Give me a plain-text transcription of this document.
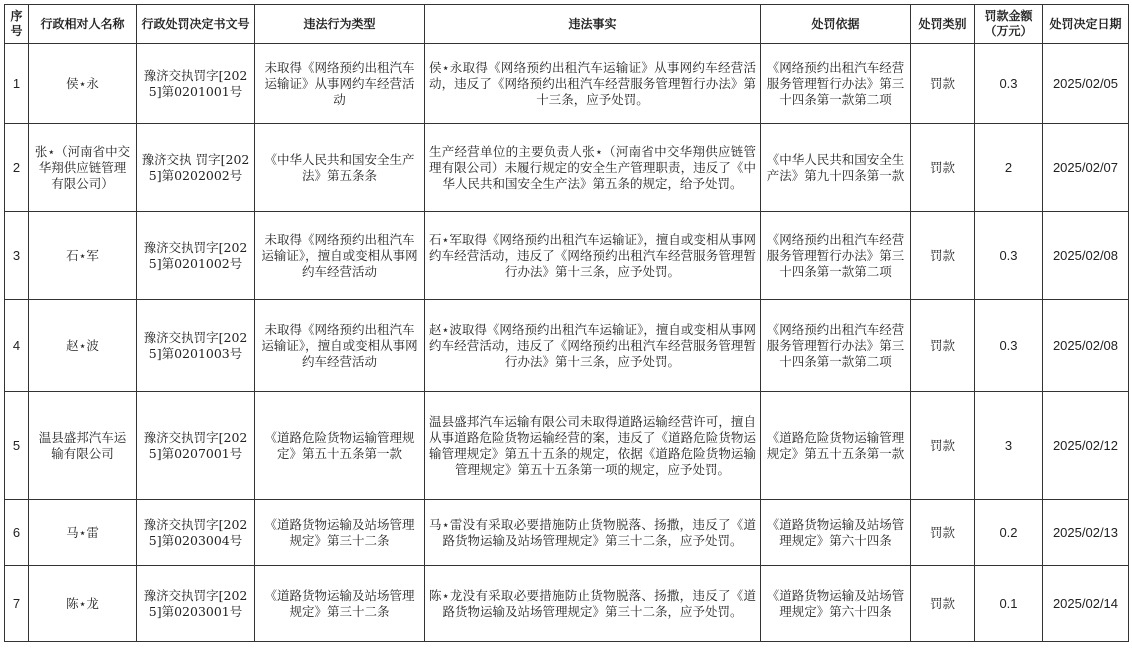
序号	行政相对人名称	行政处罚决定书文号	违法行为类型	违法事实	处罚依据	处罚类别	罚款金额（万元）	处罚决定日期
1	侯⋆永	豫济交执罚字[2025]第0201001号	未取得《网络预约出租汽车运输证》从事网约车经营活动	侯⋆永取得《网络预约出租汽车运输证》从事网约车经营活动，违反了《网络预约出租汽车经营服务管理暂行办法》第十三条，应予处罚。	《网络预约出租汽车经营服务管理暂行办法》第三十四条第一款第二项	罚款	0.3	2025/02/05
2	张⋆（河南省中交华翔供应链管理有限公司）	豫济交执 罚字[2025]第0202002号	《中华人民共和国安全生产法》第五条条	生产经营单位的主要负责人张⋆（河南省中交华翔供应链管理有限公司）未履行规定的安全生产管理职责，违反了《中华人民共和国安全生产法》第五条的规定，给予处罚。	《中华人民共和国安全生产法》第九十四条第一款	罚款	2	2025/02/07
3	石⋆军	豫济交执罚字[2025]第0201002号	未取得《网络预约出租汽车运输证》，擅自或变相从事网约车经营活动	石⋆军取得《网络预约出租汽车运输证》，擅自或变相从事网约车经营活动，违反了《网络预约出租汽车经营服务管理暂行办法》第十三条，应予处罚。	《网络预约出租汽车经营服务管理暂行办法》第三十四条第一款第二项	罚款	0.3	2025/02/08
4	赵⋆波	豫济交执罚字[2025]第0201003号	未取得《网络预约出租汽车运输证》，擅自或变相从事网约车经营活动	赵⋆波取得《网络预约出租汽车运输证》，擅自或变相从事网约车经营活动，违反了《网络预约出租汽车经营服务管理暂行办法》第十三条，应予处罚。	《网络预约出租汽车经营服务管理暂行办法》第三十四条第一款第二项	罚款	0.3	2025/02/08
5	温县盛邦汽车运输有限公司	豫济交执罚字[2025]第0207001号	《道路危险货物运输管理规定》第五十五条第一款	温县盛邦汽车运输有限公司未取得道路运输经营许可，擅自从事道路危险货物运输经营的案，违反了《道路危险货物运输管理规定》第五十五条的规定，依据《道路危险货物运输管理规定》第五十五条第一项的规定，应予处罚。	《道路危险货物运输管理规定》第五十五条第一款	罚款	3	2025/02/12
6	马⋆雷	豫济交执罚字[2025]第0203004号	《道路货物运输及站场管理规定》第三十二条	马⋆雷没有采取必要措施防止货物脱落、扬撒，违反了《道路货物运输及站场管理规定》第三十二条，应予处罚。	《道路货物运输及站场管理规定》第六十四条	罚款	0.2	2025/02/13
7	陈⋆龙	豫济交执罚字[2025]第0203001号	《道路货物运输及站场管理规定》第三十二条	陈⋆龙没有采取必要措施防止货物脱落、扬撒，违反了《道路货物运输及站场管理规定》第三十二条，应予处罚。	《道路货物运输及站场管理规定》第六十四条	罚款	0.1	2025/02/14
